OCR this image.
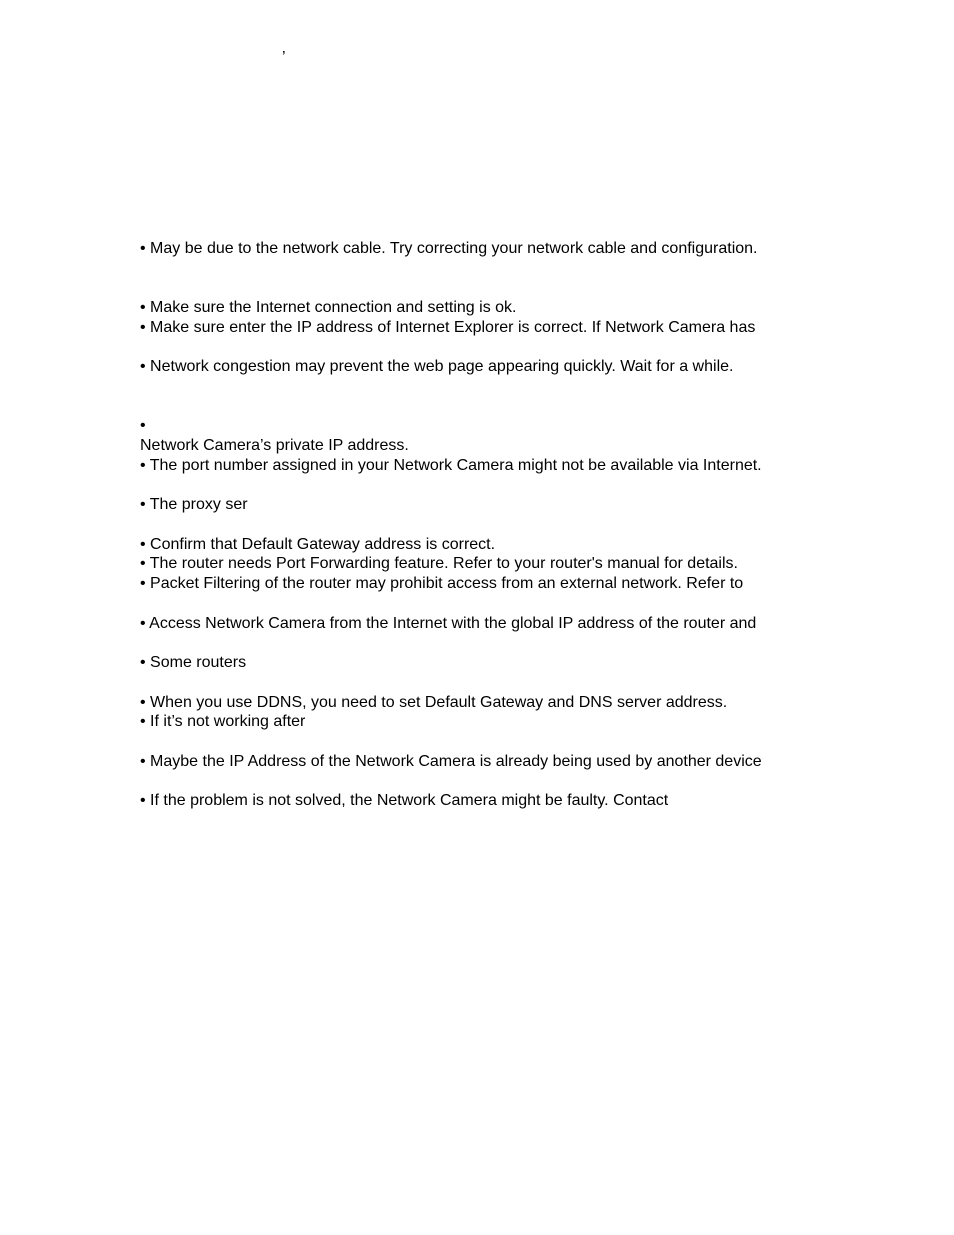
’
• May be due to the network cable. Try correcting your network cable and configuration.
• Make sure the Internet connection and setting is ok.
• Make sure enter the IP address of Internet Explorer is correct. If Network Camera has
• Network congestion may prevent the web page appearing quickly. Wait for a while.
•
Network Camera’s private IP address.
• The port number assigned in your Network Camera might not be available via Internet.
• The proxy ser
• Confirm that Default Gateway address is correct.
• The router needs Port Forwarding feature. Refer to your router's manual for details.
• Packet Filtering of the router may prohibit access from an external network. Refer to
• Access Network Camera from the Internet with the global IP address of the router and
• Some routers
• When you use DDNS, you need to set Default Gateway and DNS server address.
• If it’s not working after
• Maybe the IP Address of the Network Camera is already being used by another device
• If the problem is not solved, the Network Camera might be faulty. Contact
